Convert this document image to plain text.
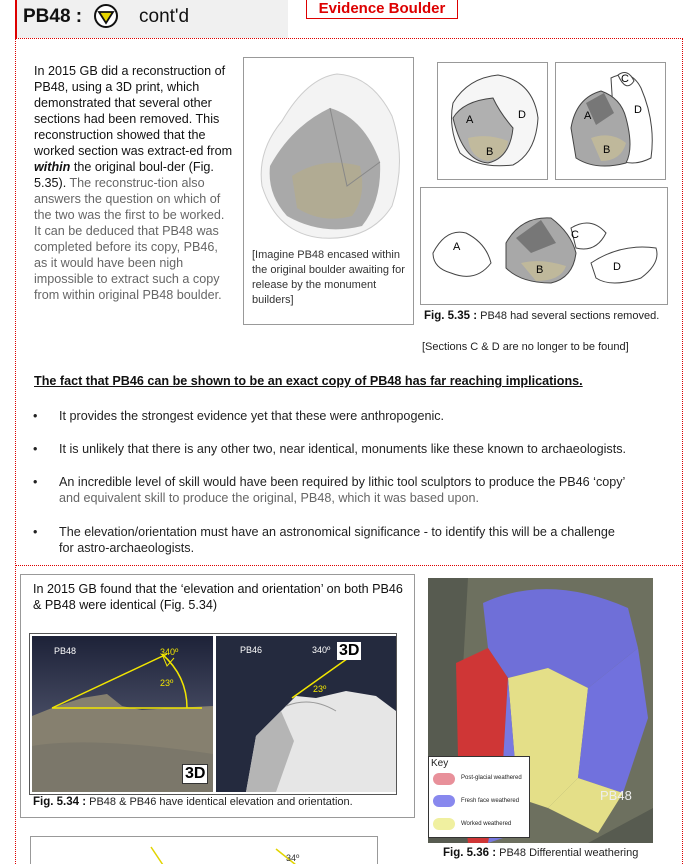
PB48 :	cont'd	Evidence Boulder

In 2015 GB did a reconstruction of PB48, using a 3D print, which demonstrated that several other sections had been removed. This reconstruction showed that the worked section was extract-ed from within the original boul-der (Fig. 5.35). The reconstruc-tion also answers the question on which of the two was the first to be worked. It can be deduced that PB48 was completed before its copy, PB46, as it would have been nigh impossible to extract such a copy from within original PB48 boulder.

[Imagine PB48 encased within the original boulder awaiting for release by the monument builders]
A	D
B
A
C
D
B
A
B
C
D
Fig. 5.35 : PB48 had several sections removed.
[Sections C & D are no longer to be found]
The fact that PB46 can be shown to be an exact copy of PB48 has far reaching implications.
• It provides the strongest evidence yet that these were anthropogenic.
• It is unlikely that there is any other two, near identical, monuments like these known to archaeologists.
• An incredible level of skill would have been required by lithic tool sculptors to produce the PB46 ‘copy’
and equivalent skill to produce the original, PB48, which it was based upon.
• The elevation/orientation must have an astronomical significance - to identify this will be a challenge
for astro-archaeologists.

In 2015 GB found that the ‘elevation and orientation’ on both PB46 & PB48 were identical (Fig. 5.34)

PB48	340º
23º
3D
PB46	340º 3D
23º
Fig. 5.34 : PB48 & PB46 have identical elevation and orientation.	PB48
Key
Post-glacial weathered
Fresh face weathered
Worked weathered
Fig. 5.36 : PB48 Differential weathering
34º
